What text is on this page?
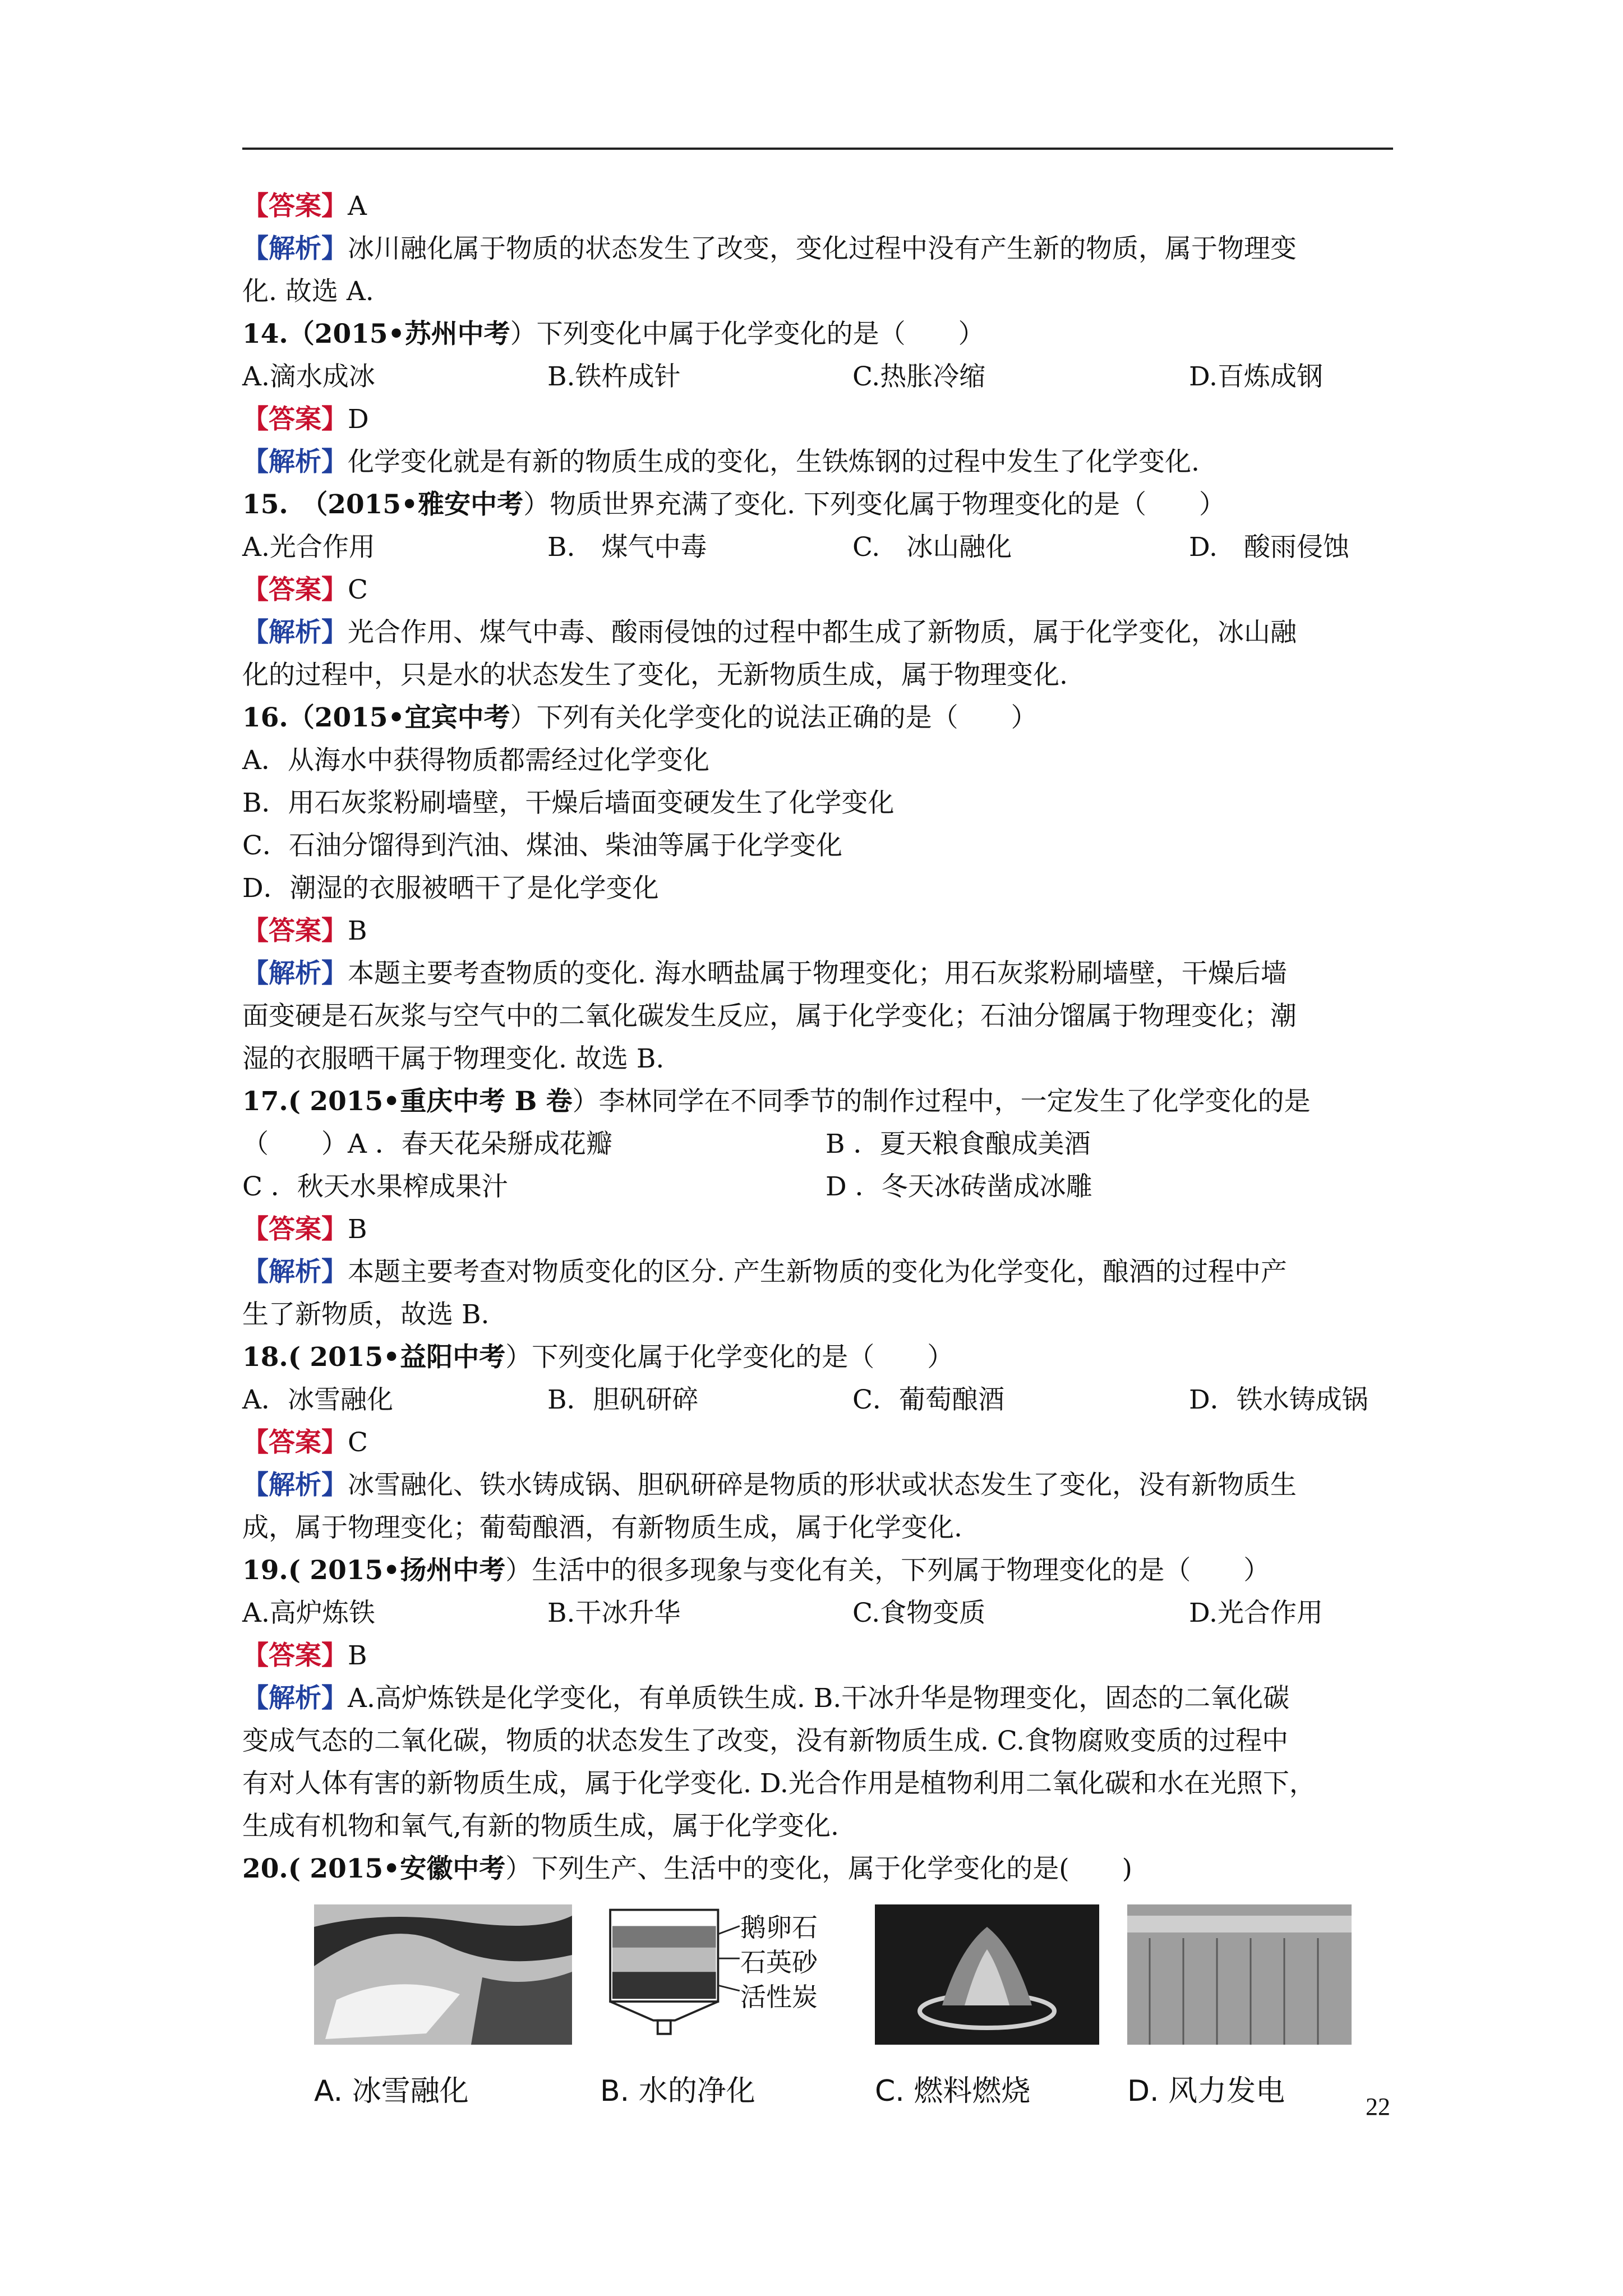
【答案】A
【解析】冰川融化属于物质的状态发生了改变，变化过程中没有产生新的物质，属于物理变
化. 故选 A.
14.（2015•苏州中考）下列变化中属于化学变化的是（　　）
A.滴水成冰	B.铁杵成针	C.热胀冷缩	D.百炼成钢
【答案】D
【解析】化学变化就是有新的物质生成的变化，生铁炼钢的过程中发生了化学变化.
15.　（2015•雅安中考）物质世界充满了变化. 下列变化属于物理变化的是（　　）
A.光合作用	B.　煤气中毒	C.　冰山融化	D.　酸雨侵蚀
【答案】C
【解析】光合作用、煤气中毒、酸雨侵蚀的过程中都生成了新物质，属于化学变化，冰山融
化的过程中，只是水的状态发生了变化，无新物质生成，属于物理变化.
16.（2015•宜宾中考）下列有关化学变化的说法正确的是（　　）
A．从海水中获得物质都需经过化学变化
B．用石灰浆粉刷墙壁，干燥后墙面变硬发生了化学变化
C．石油分馏得到汽油、煤油、柴油等属于化学变化
D．潮湿的衣服被晒干了是化学变化
【答案】B
【解析】本题主要考查物质的变化. 海水晒盐属于物理变化；用石灰浆粉刷墙壁，干燥后墙
面变硬是石灰浆与空气中的二氧化碳发生反应，属于化学变化；石油分馏属于物理变化；潮
湿的衣服晒干属于物理变化. 故选 B.
17.( 2015•重庆中考 B 卷）李林同学在不同季节的制作过程中，一定发生了化学变化的是
（　　）A ．春天花朵掰成花瓣	B ．夏天粮食酿成美酒
C ．秋天水果榨成果汁	D ．冬天冰砖凿成冰雕
【答案】B
【解析】本题主要考查对物质变化的区分. 产生新物质的变化为化学变化，酿酒的过程中产
生了新物质，故选 B.
18.( 2015•益阳中考）下列变化属于化学变化的是（　　）
A．冰雪融化	B．胆矾研碎	C．葡萄酿酒	D．铁水铸成锅
【答案】C
【解析】冰雪融化、铁水铸成锅、胆矾研碎是物质的形状或状态发生了变化，没有新物质生
成，属于物理变化；葡萄酿酒，有新物质生成，属于化学变化.
19.( 2015•扬州中考）生活中的很多现象与变化有关，下列属于物理变化的是（　　）
A.高炉炼铁	B.干冰升华	C.食物变质	D.光合作用
【答案】B
【解析】A.高炉炼铁是化学变化，有单质铁生成. B.干冰升华是物理变化，固态的二氧化碳
变成气态的二氧化碳，物质的状态发生了改变，没有新物质生成. C.食物腐败变质的过程中
有对人体有害的新物质生成，属于化学变化. D.光合作用是植物利用二氧化碳和水在光照下，
生成有机物和氧气,有新的物质生成，属于化学变化.
20.( 2015•安徽中考）下列生产、生活中的变化，属于化学变化的是(　　)
A. 冰雪融化
鹅卵石
石英砂
活性炭
B. 水的净化	C. 燃料燃烧	D. 风力发电	22
